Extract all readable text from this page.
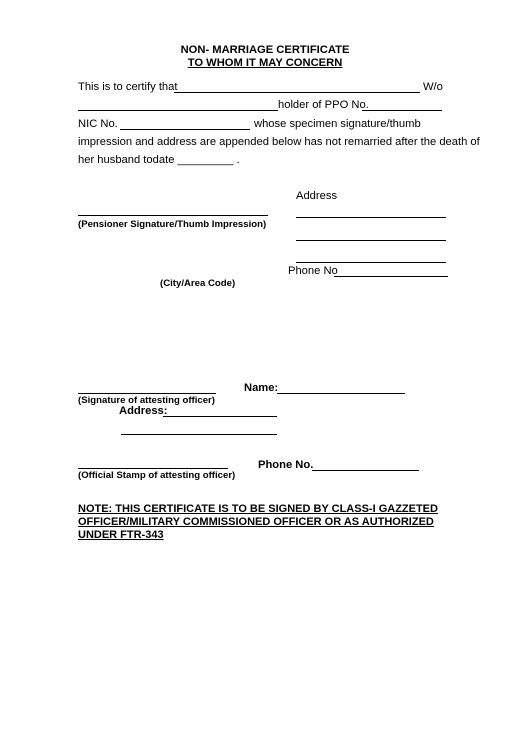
NON- MARRIAGE CERTIFICATE
TO WHOM IT MAY CONCERN
This is to certify that	W/o
holder of PPO No.
NIC No.	whose specimen signature/thumb
impression and address are appended below has not remarried after the death of
her husband todate _________ .
Address
(Pensioner Signature/Thumb Impression)
Phone No
(City/Area Code)
Name:
(Signature of attesting officer)
Address:
(Official Stamp of attesting officer)
Phone No.
NOTE: THIS CERTIFICATE IS TO BE SIGNED BY CLASS-I GAZZETED OFFICER/MILITARY COMMISSIONED OFFICER OR AS AUTHORIZED UNDER FTR-343
